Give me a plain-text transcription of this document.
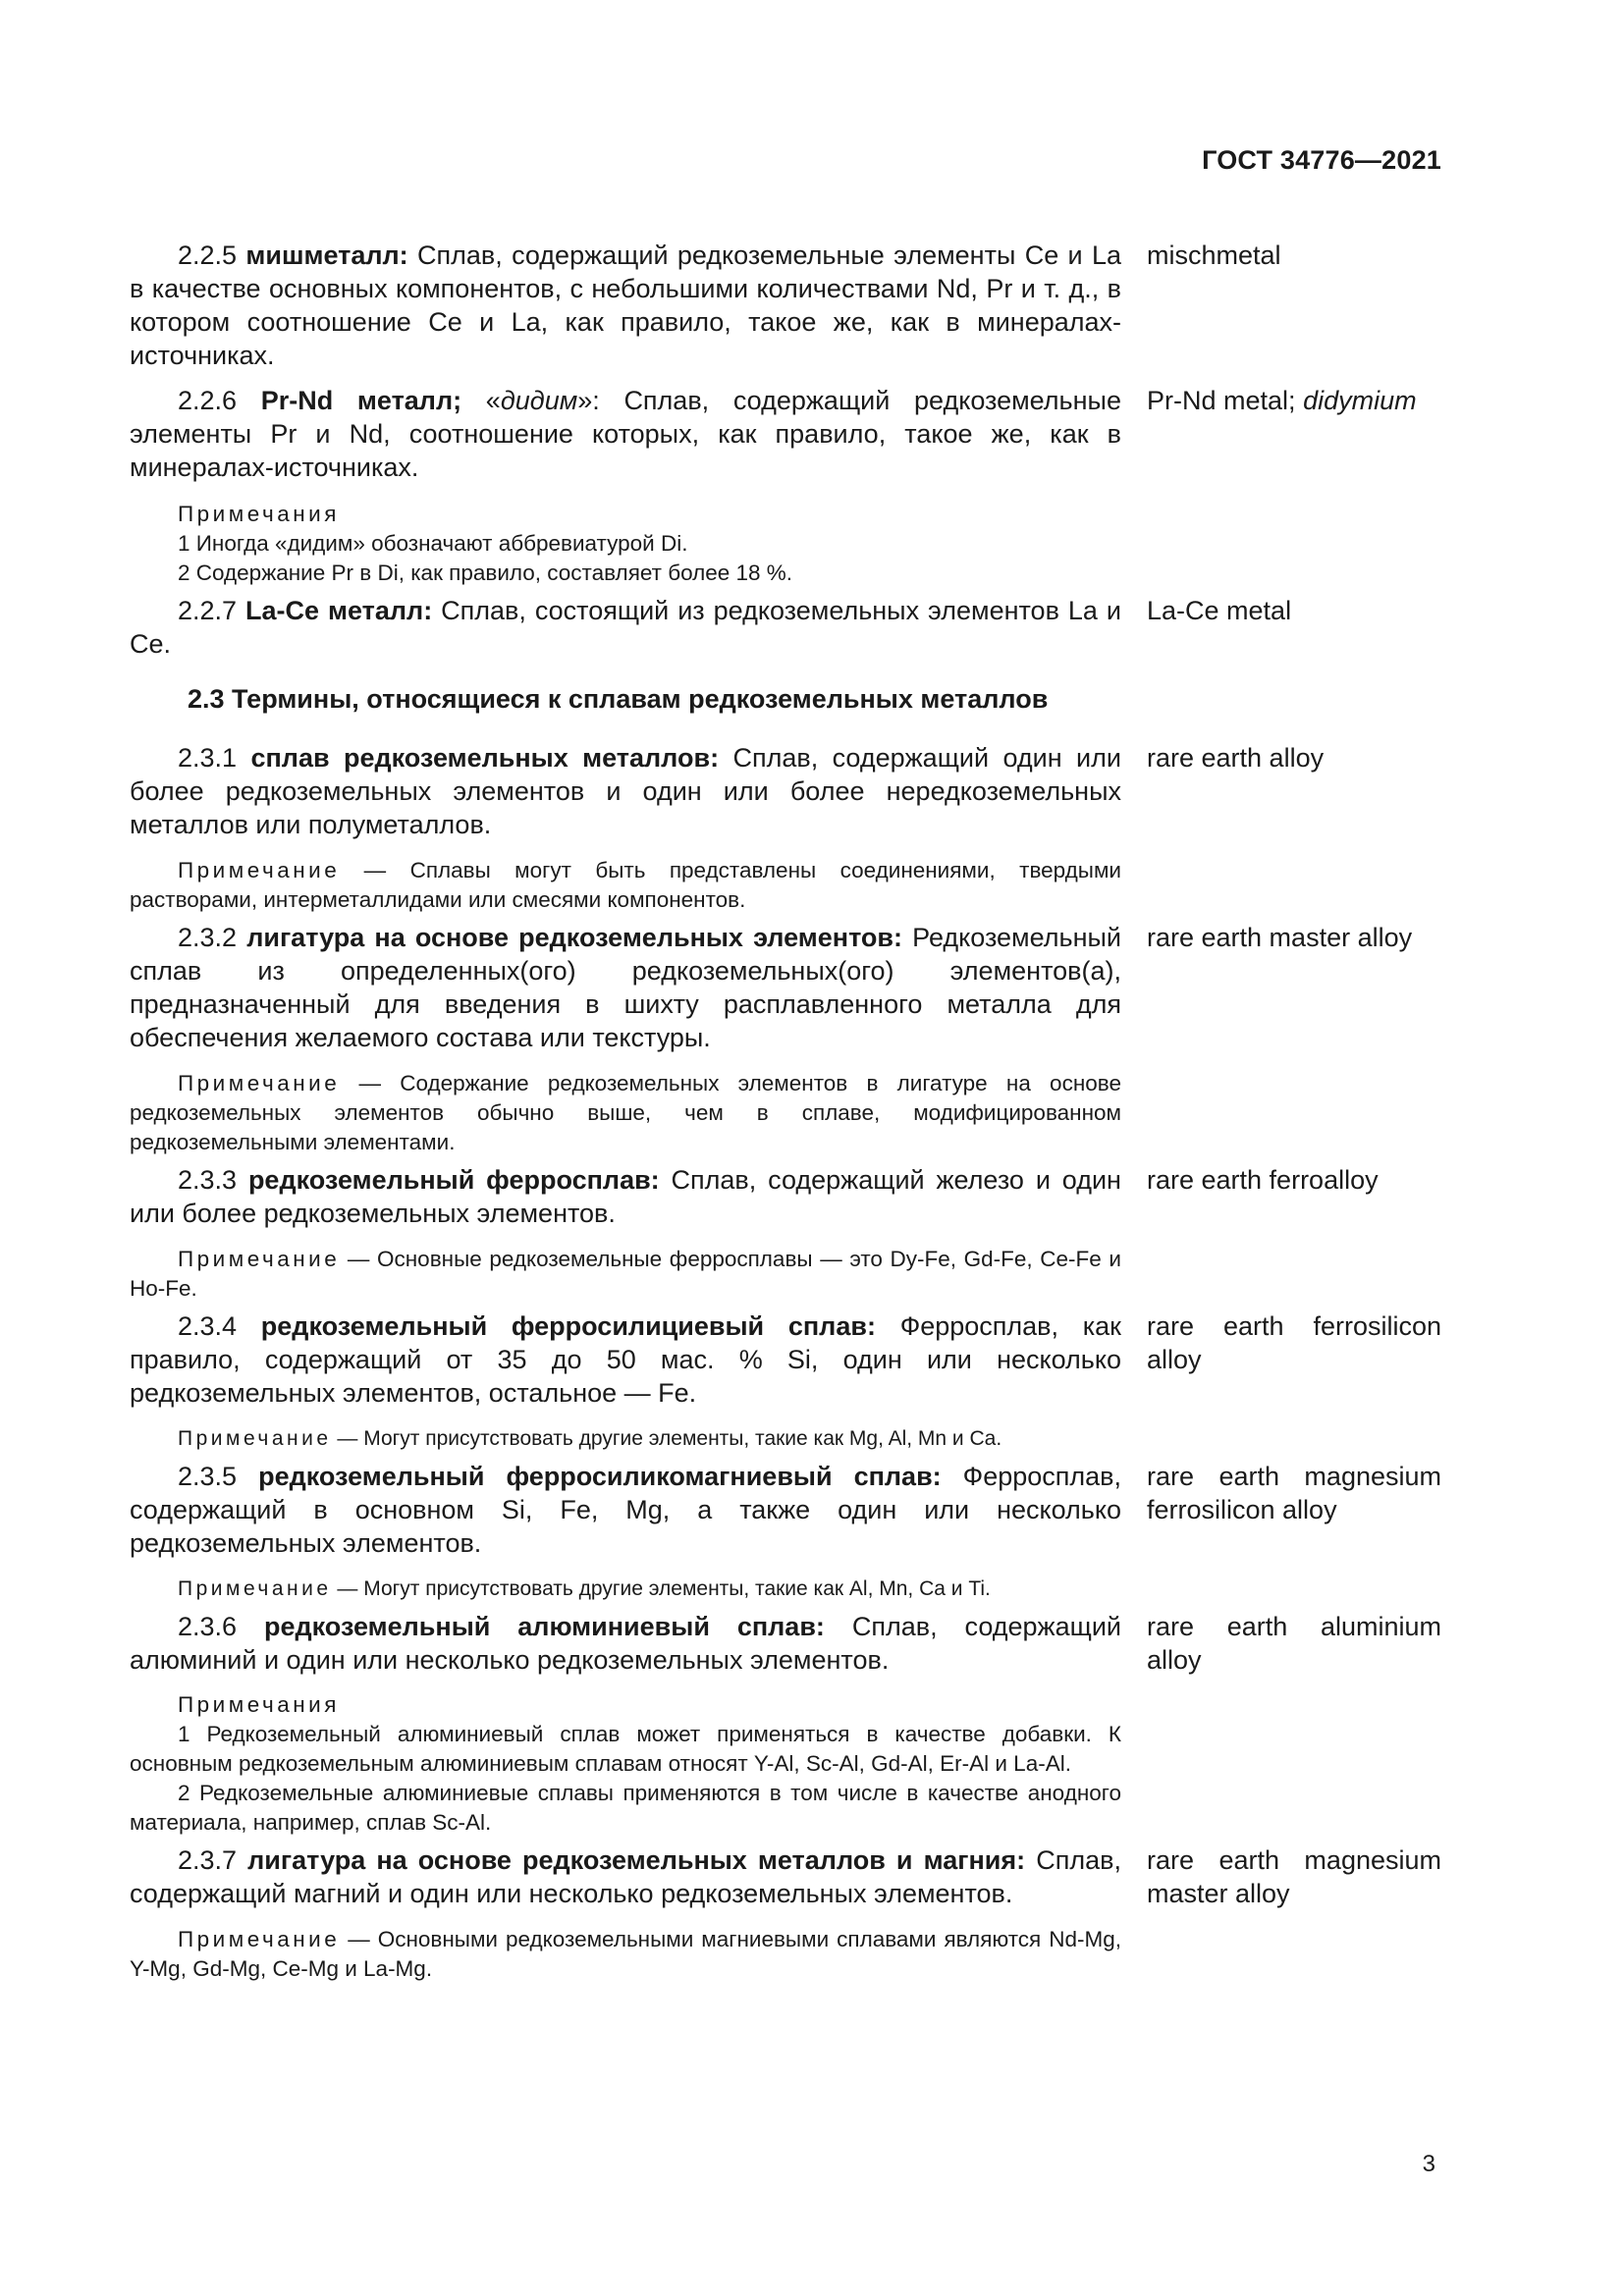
ГОСТ 34776—2021
2.2.5 мишметалл: Сплав, содержащий редкоземельные элементы Ce и La в качестве основных компонентов, с небольшими количествами Nd, Pr и т. д., в котором соотношение Ce и La, как правило, такое же, как в минералах-источниках.
mischmetal
2.2.6 Pr-Nd металл; «дидим»: Сплав, содержащий редкоземельные элементы Pr и Nd, соотношение которых, как правило, такое же, как в минералах-источниках.
Pr-Nd metal; didymium
Примечания
1 Иногда «дидим» обозначают аббревиатурой Di.
2 Содержание Pr в Di, как правило, составляет более 18 %.
2.2.7 La-Ce металл: Сплав, состоящий из редкоземельных элементов La и Ce.
La-Ce metal
2.3 Термины, относящиеся к сплавам редкоземельных металлов
2.3.1 сплав редкоземельных металлов: Сплав, содержащий один или более редкоземельных элементов и один или более нередкоземельных металлов или полуметаллов.
rare earth alloy
Примечание — Сплавы могут быть представлены соединениями, твердыми растворами, интерметаллидами или смесями компонентов.
2.3.2 лигатура на основе редкоземельных элементов: Редкоземельный сплав из определенных(ого) редкоземельных(ого) элементов(а), предназначенный для введения в шихту расплавленного металла для обеспечения желаемого состава или текстуры.
rare earth master alloy
Примечание — Содержание редкоземельных элементов в лигатуре на основе редкоземельных элементов обычно выше, чем в сплаве, модифицированном редкоземельными элементами.
2.3.3 редкоземельный ферросплав: Сплав, содержащий железо и один или более редкоземельных элементов.
rare earth ferroalloy
Примечание — Основные редкоземельные ферросплавы — это Dy-Fe, Gd-Fe, Ce-Fe и Ho-Fe.
2.3.4 редкоземельный ферросилициевый сплав: Ферросплав, как правило, содержащий от 35 до 50 мас. % Si, один или несколько редкоземельных элементов, остальное — Fe.
rare earth ferrosilicon alloy
Примечание — Могут присутствовать другие элементы, такие как Mg, Al, Mn и Ca.
2.3.5 редкоземельный ферросиликомагниевый сплав: Ферросплав, содержащий в основном Si, Fe, Mg, а также один или несколько редкоземельных элементов.
rare earth magnesium ferrosilicon alloy
Примечание — Могут присутствовать другие элементы, такие как Al, Mn, Ca и Ti.
2.3.6 редкоземельный алюминиевый сплав: Сплав, содержащий алюминий и один или несколько редкоземельных элементов.
rare earth aluminium alloy
Примечания
1 Редкоземельный алюминиевый сплав может применяться в качестве добавки. К основным редкоземельным алюминиевым сплавам относят Y-Al, Sc-Al, Gd-Al, Er-Al и La-Al.
2 Редкоземельные алюминиевые сплавы применяются в том числе в качестве анодного материала, например, сплав Sc-Al.
2.3.7 лигатура на основе редкоземельных металлов и магния: Сплав, содержащий магний и один или несколько редкоземельных элементов.
rare earth magnesium master alloy
Примечание — Основными редкоземельными магниевыми сплавами являются Nd-Mg, Y-Mg, Gd-Mg, Ce-Mg и La-Mg.
3
